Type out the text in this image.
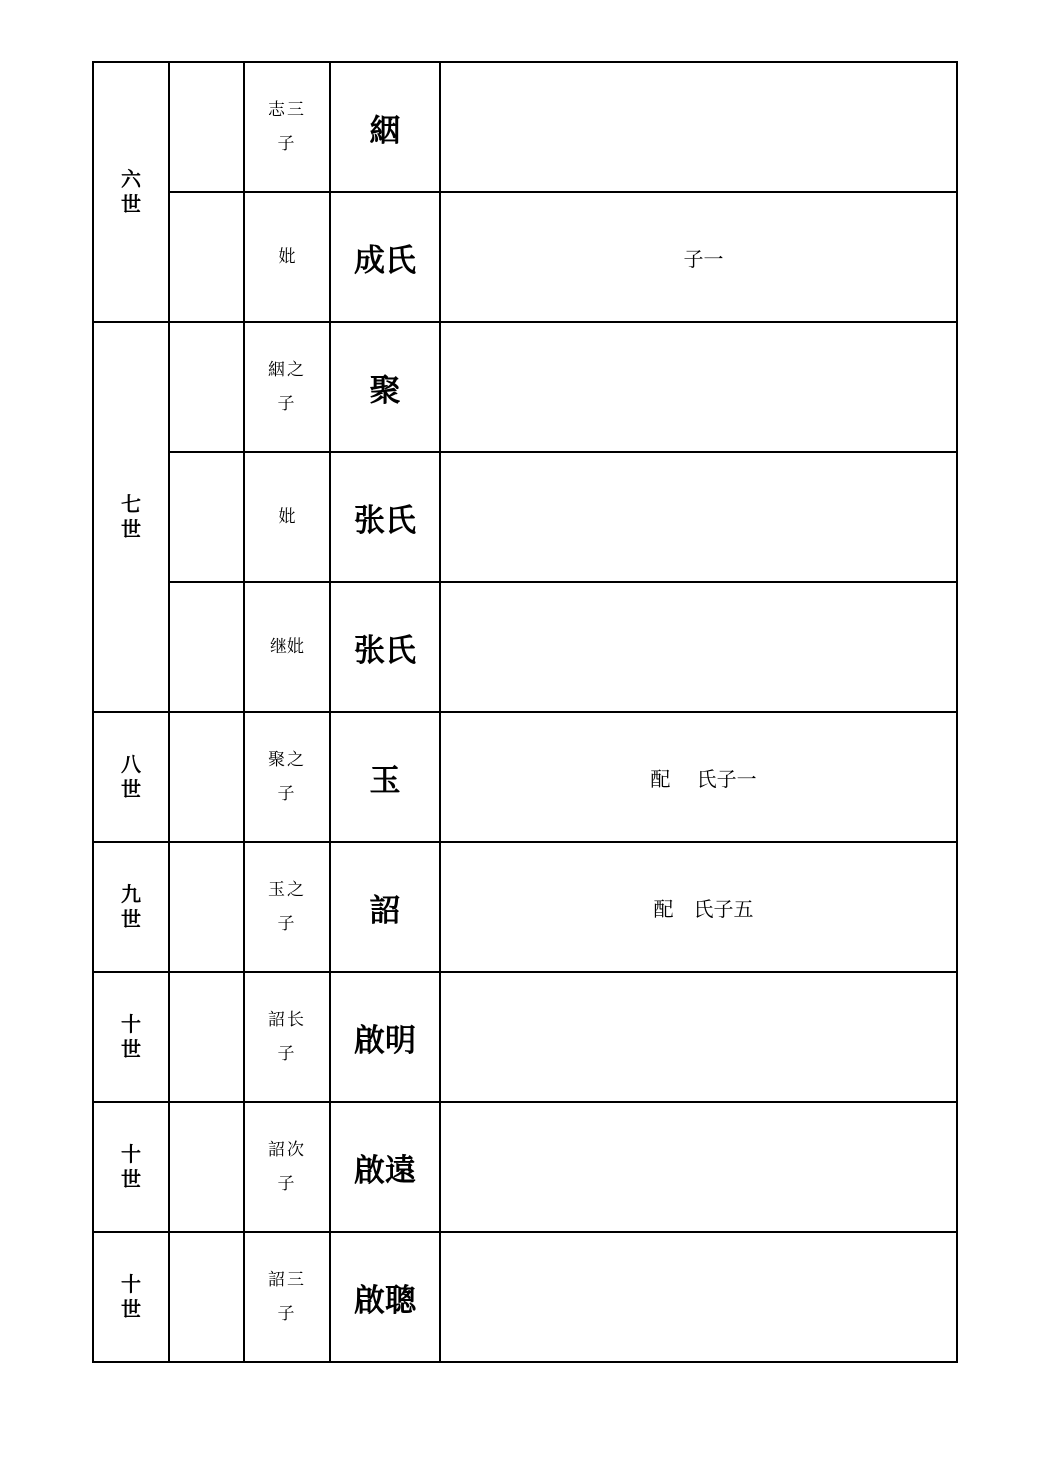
六世		志三子	絪	

		妣	成氏	子一

七世		絪之子	聚	

		妣	张氏	

		继妣	张氏	

八世		聚之子	玉	配　 氏子一

九世		玉之子	詔	配　氏子五

十世		詔长子	啟明	

十世		詔次子	啟遠	

十世		詔三子	啟聰	
